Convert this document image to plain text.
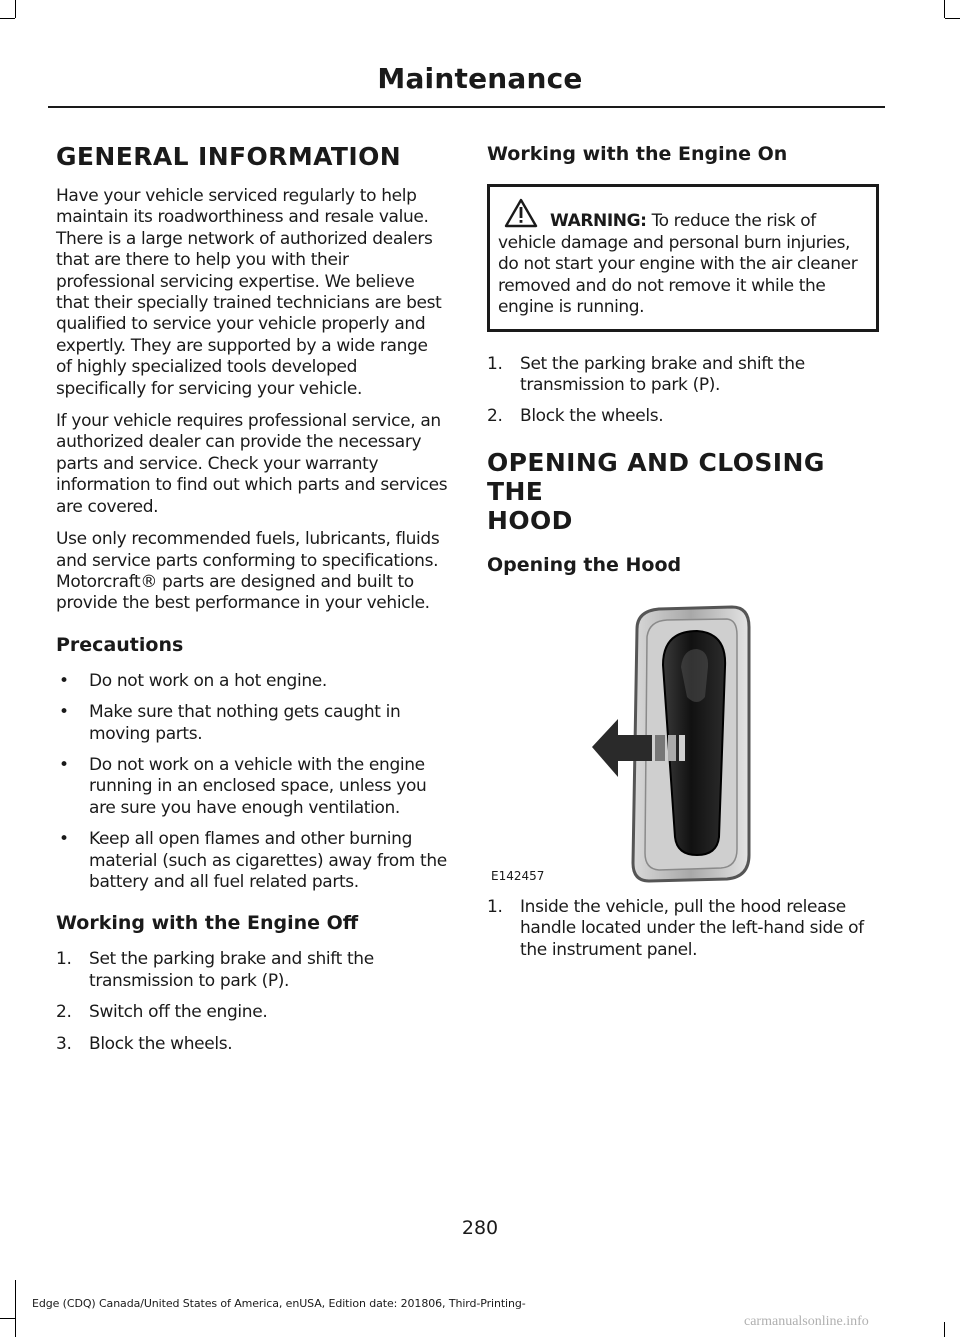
Maintenance
GENERAL INFORMATION

Have your vehicle serviced regularly to help maintain its roadworthiness and resale value. There is a large network of authorized dealers that are there to help you with their professional servicing expertise. We believe that their specially trained technicians are best qualified to service your vehicle properly and expertly. They are supported by a wide range of highly specialized tools developed specifically for servicing your vehicle.

If your vehicle requires professional service, an authorized dealer can provide the necessary parts and service. Check your warranty information to find out which parts and services are covered.

Use only recommended fuels, lubricants, fluids and service parts conforming to specifications. Motorcraft® parts are designed and built to provide the best performance in your vehicle.

Precautions
• Do not work on a hot engine.
• Make sure that nothing gets caught in moving parts.
• Do not work on a vehicle with the engine running in an enclosed space, unless you are sure you have enough ventilation.
• Keep all open flames and other burning material (such as cigarettes) away from the battery and all fuel related parts.
Working with the Engine Off
1. Set the parking brake and shift the transmission to park (P).
2. Switch off the engine.
3. Block the wheels.
Working with the Engine On

WARNING: To reduce the risk of vehicle damage and personal burn injuries, do not start your engine with the air cleaner removed and do not remove it while the engine is running.

1. Set the parking brake and shift the transmission to park (P).
2. Block the wheels.
OPENING AND CLOSING THE
HOOD
Opening the Hood
E142457
1. Inside the vehicle, pull the hood release handle located under the left-hand side of the instrument panel.
280
Edge (CDQ) Canada/United States of America, enUSA, Edition date: 201806, Third-Printing-
carmanualsonline.info
